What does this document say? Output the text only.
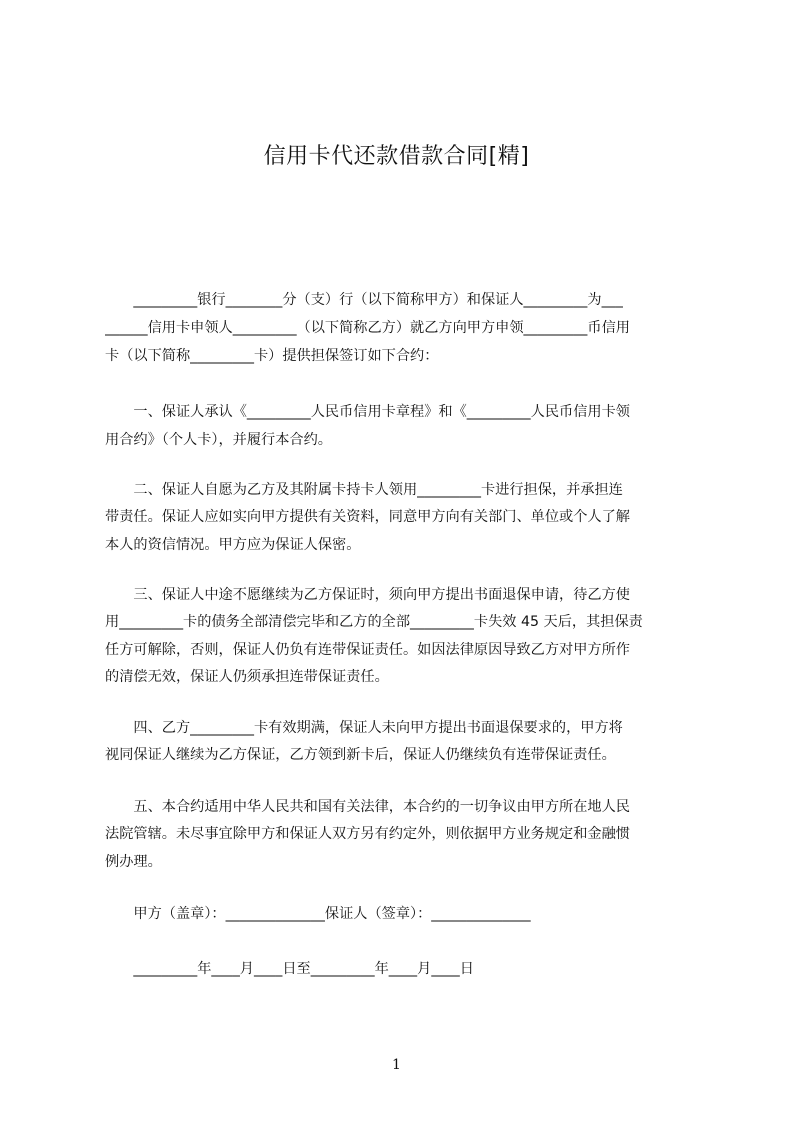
信用卡代还款借款合同[精]
　　_________银行________分（支）行（以下简称甲方）和保证人_________为___
______信用卡申领人_________（以下简称乙方）就乙方向甲方申领_________币信用
卡（以下简称_________卡）提供担保签订如下合约：
　　一、保证人承认《_________人民币信用卡章程》和《_________人民币信用卡领
用合约》（个人卡），并履行本合约。
　　二、保证人自愿为乙方及其附属卡持卡人领用_________卡进行担保，并承担连
带责任。保证人应如实向甲方提供有关资料，同意甲方向有关部门、单位或个人了解
本人的资信情况。甲方应为保证人保密。
　　三、保证人中途不愿继续为乙方保证时，须向甲方提出书面退保申请，待乙方使
用_________卡的债务全部清偿完毕和乙方的全部_________卡失效 45 天后，其担保责
任方可解除，否则，保证人仍负有连带保证责任。如因法律原因导致乙方对甲方所作
的清偿无效，保证人仍须承担连带保证责任。
　　四、乙方_________卡有效期满，保证人未向甲方提出书面退保要求的，甲方将
视同保证人继续为乙方保证，乙方领到新卡后，保证人仍继续负有连带保证责任。
　　五、本合约适用中华人民共和国有关法律，本合约的一切争议由甲方所在地人民
法院管辖。未尽事宜除甲方和保证人双方另有约定外，则依据甲方业务规定和金融惯
例办理。
　　甲方（盖章）：______________保证人（签章）：______________
　　_________年____月____日至_________年____月____日
1
